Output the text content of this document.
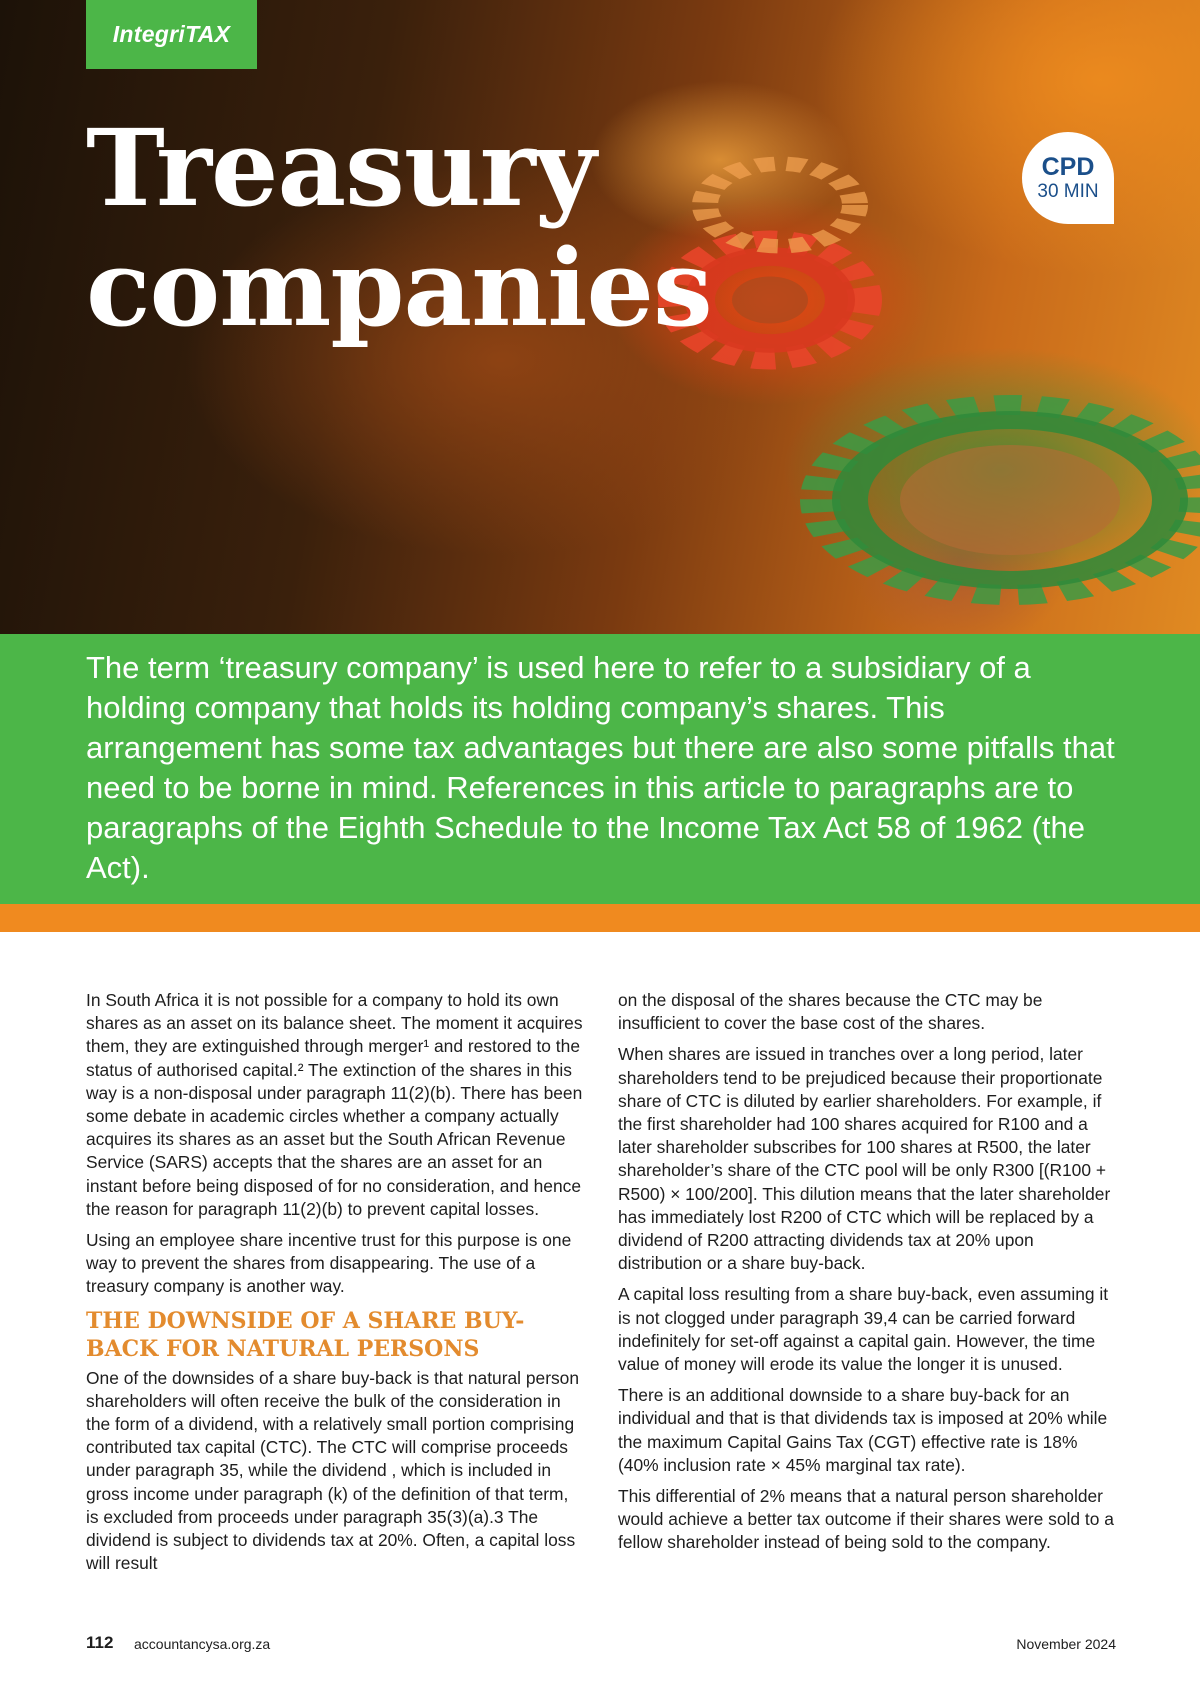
IntegriTAX
Treasury
companies
CPD
30 MIN

The term ‘treasury company’ is used here to refer to a subsidiary of a holding company that holds its holding company’s shares. This arrangement has some tax advantages but there are also some pitfalls that need to be borne in mind. References in this article to paragraphs are to paragraphs of the Eighth Schedule to the Income Tax Act 58 of 1962 (the Act).

In South Africa it is not possible for a company to hold its own shares as an asset on its balance sheet. The moment it acquires them, they are extinguished through merger¹ and restored to the status of authorised capital.² The extinction of the shares in this way is a non-disposal under paragraph 11(2)(b). There has been some debate in academic circles whether a company actually acquires its shares as an asset but the South African Revenue Service (SARS) accepts that the shares are an asset for an instant before being disposed of for no consideration, and hence the reason for paragraph 11(2)(b) to prevent capital losses.

Using an employee share incentive trust for this purpose is one way to prevent the shares from disappearing. The use of a treasury company is another way.

THE DOWNSIDE OF A SHARE BUY-BACK FOR NATURAL PERSONS

One of the downsides of a share buy-back is that natural person shareholders will often receive the bulk of the consideration in the form of a dividend, with a relatively small portion comprising contributed tax capital (CTC). The CTC will comprise proceeds under paragraph 35, while the dividend , which is included in gross income under paragraph (k) of the definition of that term, is excluded from proceeds under paragraph 35(3)(a).3 The dividend is subject to dividends tax at 20%. Often, a capital loss will result

on the disposal of the shares because the CTC may be insufficient to cover the base cost of the shares.

When shares are issued in tranches over a long period, later shareholders tend to be prejudiced because their proportionate share of CTC is diluted by earlier shareholders. For example, if the first shareholder had 100 shares acquired for R100 and a later shareholder subscribes for 100 shares at R500, the later shareholder’s share of the CTC pool will be only R300 [(R100 + R500) × 100/200]. This dilution means that the later shareholder has immediately lost R200 of CTC which will be replaced by a dividend of R200 attracting dividends tax at 20% upon distribution or a share buy-back.

A capital loss resulting from a share buy-back, even assuming it is not clogged under paragraph 39,4 can be carried forward indefinitely for set-off against a capital gain. However, the time value of money will erode its value the longer it is unused.

There is an additional downside to a share buy-back for an individual and that is that dividends tax is imposed at 20% while the maximum Capital Gains Tax (CGT) effective rate is 18% (40% inclusion rate × 45% marginal tax rate).

This differential of 2% means that a natural person shareholder would achieve a better tax outcome if their shares were sold to a fellow shareholder instead of being sold to the company.

112 accountancysa.org.za	November 2024
